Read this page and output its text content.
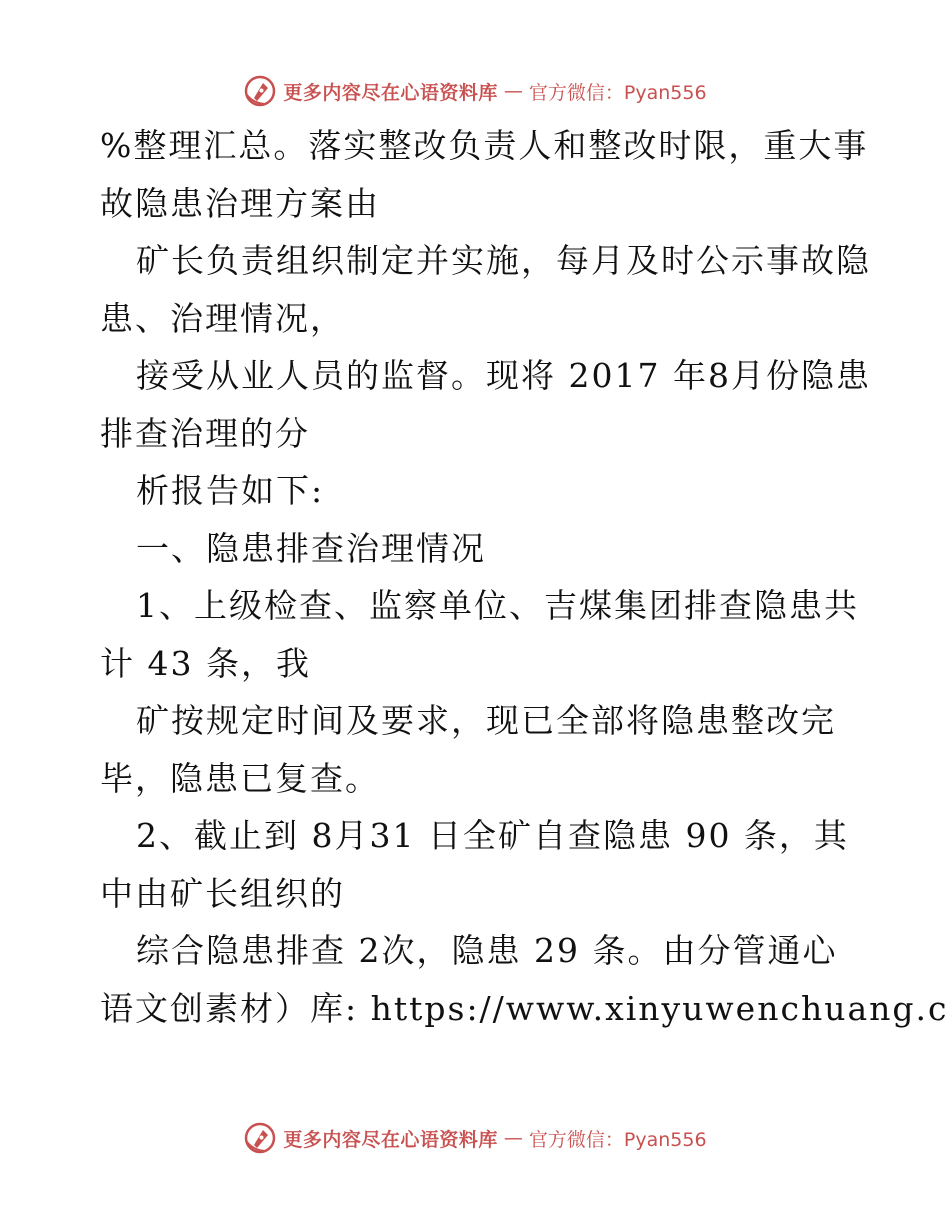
更多内容尽在心语资料库 — 官方微信：Pyan556
%整理汇总。落实整改负责人和整改时限，重大事
故隐患治理方案由
矿长负责组织制定并实施，每月及时公示事故隐
患、治理情况，
接受从业人员的监督。现将 2017 年8月份隐患
排查治理的分
析报告如下:
一、隐患排查治理情况
1、上级检查、监察单位、吉煤集团排查隐患共
计 43 条，我
矿按规定时间及要求，现已全部将隐患整改完
毕，隐患已复查。
2、截止到 8月31 日全矿自查隐患 90 条，其
中由矿长组织的
综合隐患排查 2次，隐患 29 条。由分管通心
语文创素材）库: https://www.xinyuwenchuang.c
更多内容尽在心语资料库 — 官方微信：Pyan556
